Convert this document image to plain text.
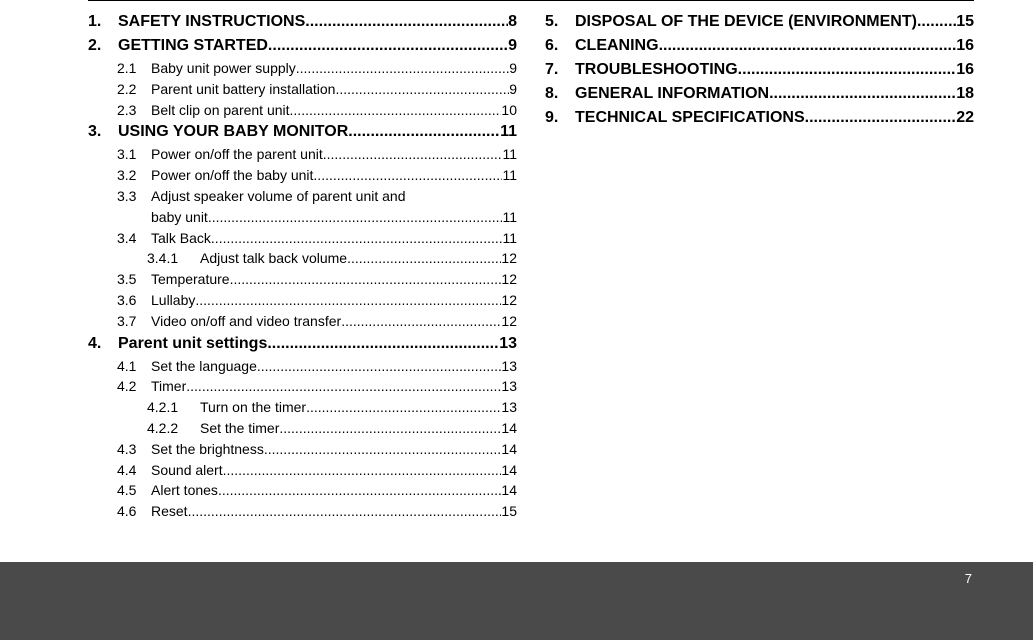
1.	SAFETY INSTRUCTIONS .....	8
2.	GETTING STARTED .....	9
2.1	Baby unit power supply .....	9
2.2	Parent unit battery installation .....	9
2.3	Belt clip on parent unit .....	10
3.	USING YOUR BABY MONITOR .....	11
3.1	Power on/off the parent unit .....	11
3.2	Power on/off the baby unit .....	11
3.3 Adjust speaker volume of parent unit and
baby unit .....	11
3.4	Talk Back .....	11
3.4.1	Adjust talk back volume .....	12
3.5	Temperature .....	12
3.6	Lullaby .....	12
3.7	Video on/off and video transfer .....	12
4.	Parent unit settings .....	13
4.1	Set the language .....	13
4.2	Timer .....	13
4.2.1	Turn on the timer .....	13
4.2.2	Set the timer .....	14
4.3	Set the brightness .....	14
4.4	Sound alert .....	14
4.5	Alert tones .....	14
4.6	Reset .....	15
5.	DISPOSAL OF THE DEVICE (ENVIRONMENT) ..... 15
6.	CLEANING .....	16
7.	TROUBLESHOOTING .....	16
8.	GENERAL INFORMATION .....	18
9.	TECHNICAL SPECIFICATIONS .....	22
7
